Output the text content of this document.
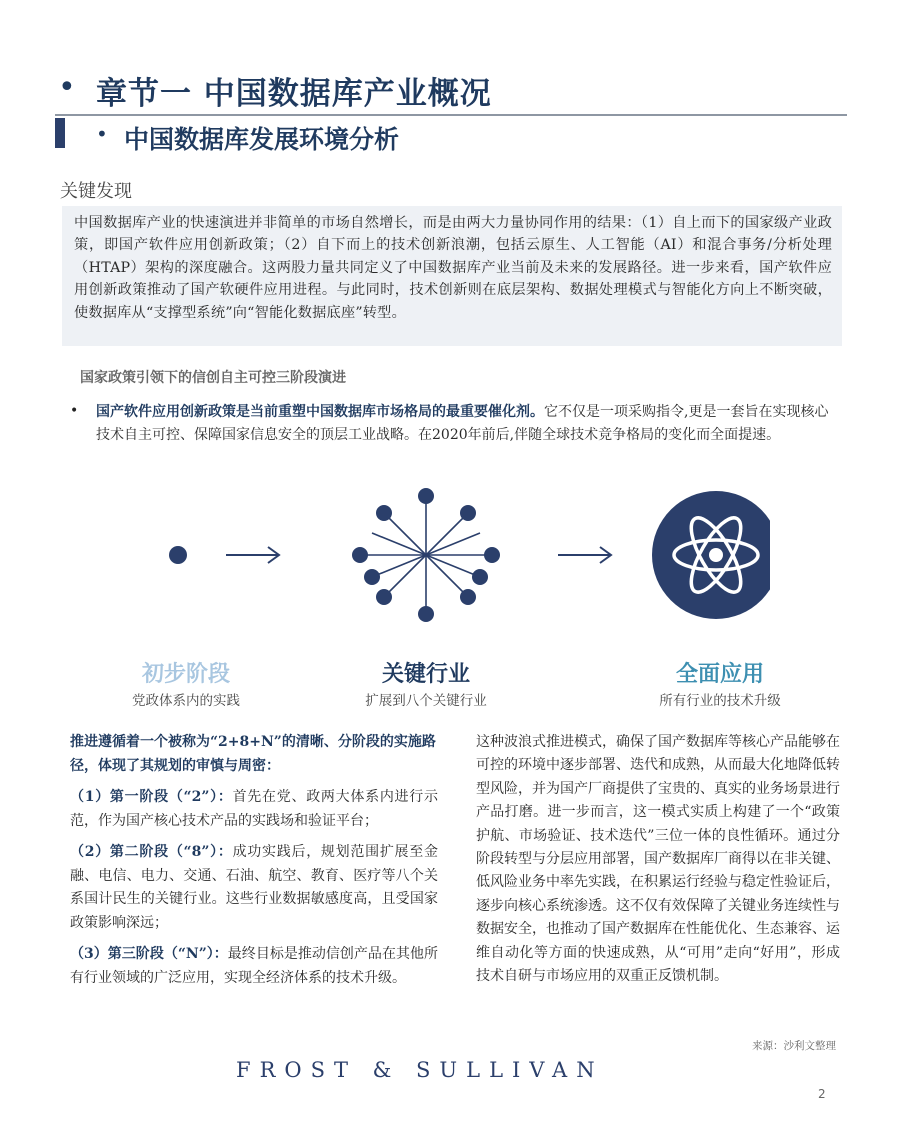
• 章节一 中国数据库产业概况
• 中国数据库发展环境分析
关键发现
中国数据库产业的快速演进并非简单的市场自然增长，而是由两大力量协同作用的结果：（1）自上而下的国家级产业政策，即国产软件应用创新政策；（2）自下而上的技术创新浪潮，包括云原生、人工智能（AI）和混合事务/分析处理（HTAP）架构的深度融合。这两股力量共同定义了中国数据库产业当前及未来的发展路径。进一步来看，国产软件应用创新政策推动了国产软硬件应用进程。与此同时，技术创新则在底层架构、数据处理模式与智能化方向上不断突破，使数据库从“支撑型系统”向“智能化数据底座”转型。
国家政策引领下的信创自主可控三阶段演进
• 国产软件应用创新政策是当前重塑中国数据库市场格局的最重要催化剂。它不仅是一项采购指令,更是一套旨在实现核心技术自主可控、保障国家信息安全的顶层工业战略。在2020年前后,伴随全球技术竞争格局的变化而全面提速。
初步阶段	关键行业	全面应用
党政体系内的实践	扩展到八个关键行业	所有行业的技术升级
推进遵循着一个被称为“2+8+N”的清晰、分阶段的实施路径，体现了其规划的审慎与周密：
（1）第一阶段（“2”）：首先在党、政两大体系内进行示范，作为国产核心技术产品的实践场和验证平台；
（2）第二阶段（“8”）：成功实践后，规划范围扩展至金融、电信、电力、交通、石油、航空、教育、医疗等八个关系国计民生的关键行业。这些行业数据敏感度高，且受国家政策影响深远；
（3）第三阶段（“N”）：最终目标是推动信创产品在其他所有行业领域的广泛应用，实现全经济体系的技术升级。
这种波浪式推进模式，确保了国产数据库等核心产品能够在可控的环境中逐步部署、迭代和成熟，从而最大化地降低转型风险，并为国产厂商提供了宝贵的、真实的业务场景进行产品打磨。进一步而言，这一模式实质上构建了一个“政策护航、市场验证、技术迭代”三位一体的良性循环。通过分阶段转型与分层应用部署，国产数据库厂商得以在非关键、低风险业务中率先实践，在积累运行经验与稳定性验证后，逐步向核心系统渗透。这不仅有效保障了关键业务连续性与数据安全，也推动了国产数据库在性能优化、生态兼容、运维自动化等方面的快速成熟，从“可用”走向“好用”，形成技术自研与市场应用的双重正反馈机制。
来源：沙利文整理
FROST & SULLIVAN
2
